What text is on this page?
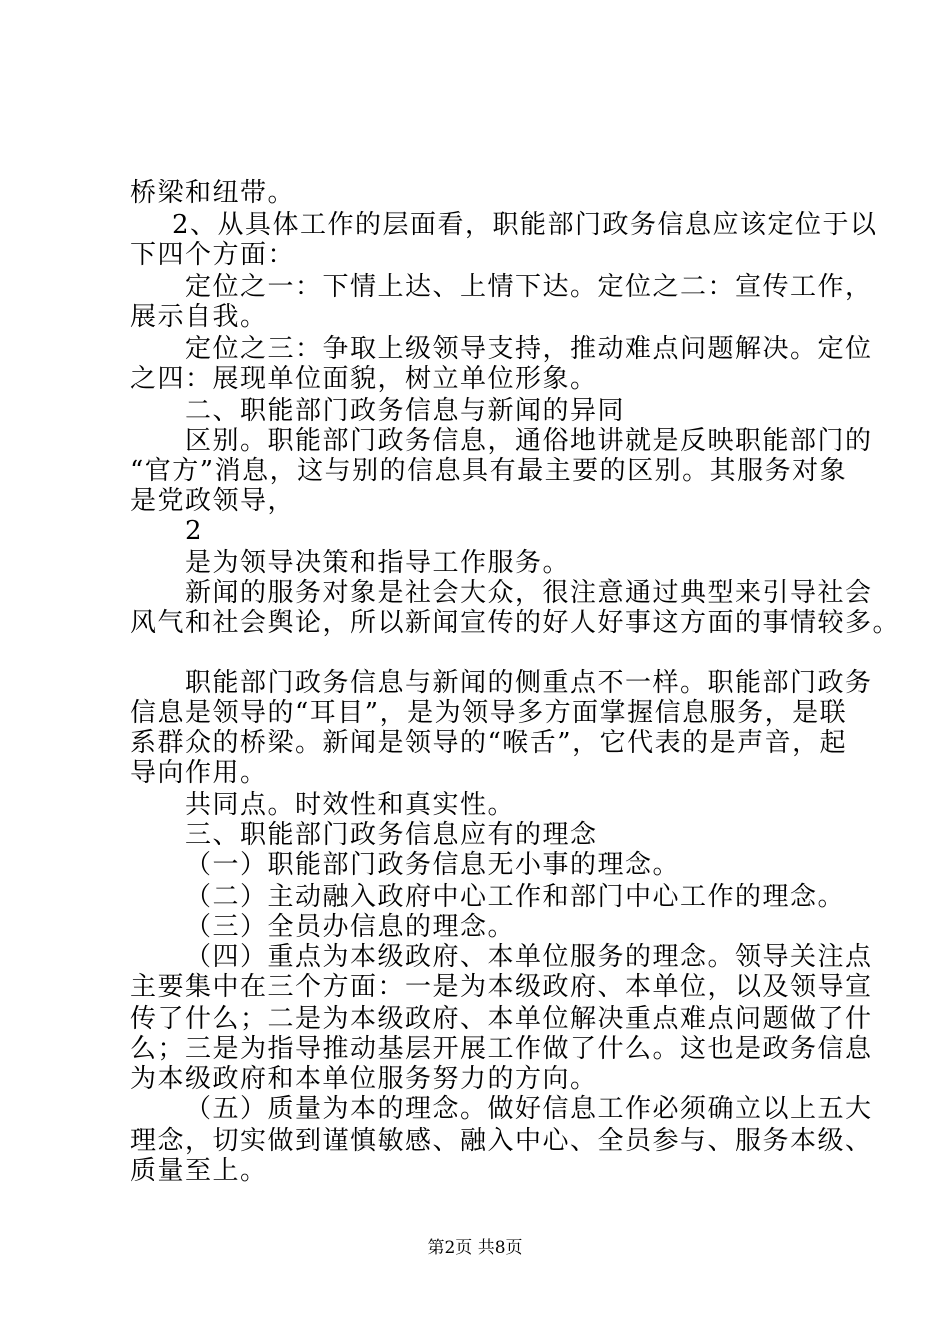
桥梁和纽带。
2、从具体工作的层面看，职能部门政务信息应该定位于以
下四个方面：
定位之一：下情上达、上情下达。定位之二：宣传工作，
展示自我。
定位之三：争取上级领导支持，推动难点问题解决。定位
之四：展现单位面貌，树立单位形象。
二、职能部门政务信息与新闻的异同
区别。职能部门政务信息，通俗地讲就是反映职能部门的
“官方”消息，这与别的信息具有最主要的区别。其服务对象
是党政领导，
2
是为领导决策和指导工作服务。
新闻的服务对象是社会大众，很注意通过典型来引导社会
风气和社会舆论，所以新闻宣传的好人好事这方面的事情较多。
职能部门政务信息与新闻的侧重点不一样。职能部门政务
信息是领导的“耳目”，是为领导多方面掌握信息服务，是联
系群众的桥梁。新闻是领导的“喉舌”，它代表的是声音，起
导向作用。
共同点。时效性和真实性。
三、职能部门政务信息应有的理念
（一）职能部门政务信息无小事的理念。
（二）主动融入政府中心工作和部门中心工作的理念。
（三）全员办信息的理念。
（四）重点为本级政府、本单位服务的理念。领导关注点
主要集中在三个方面：一是为本级政府、本单位，以及领导宣
传了什么；二是为本级政府、本单位解决重点难点问题做了什
么；三是为指导推动基层开展工作做了什么。这也是政务信息
为本级政府和本单位服务努力的方向。
（五）质量为本的理念。做好信息工作必须确立以上五大
理念，切实做到谨慎敏感、融入中心、全员参与、服务本级、
质量至上。
第2页 共8页
